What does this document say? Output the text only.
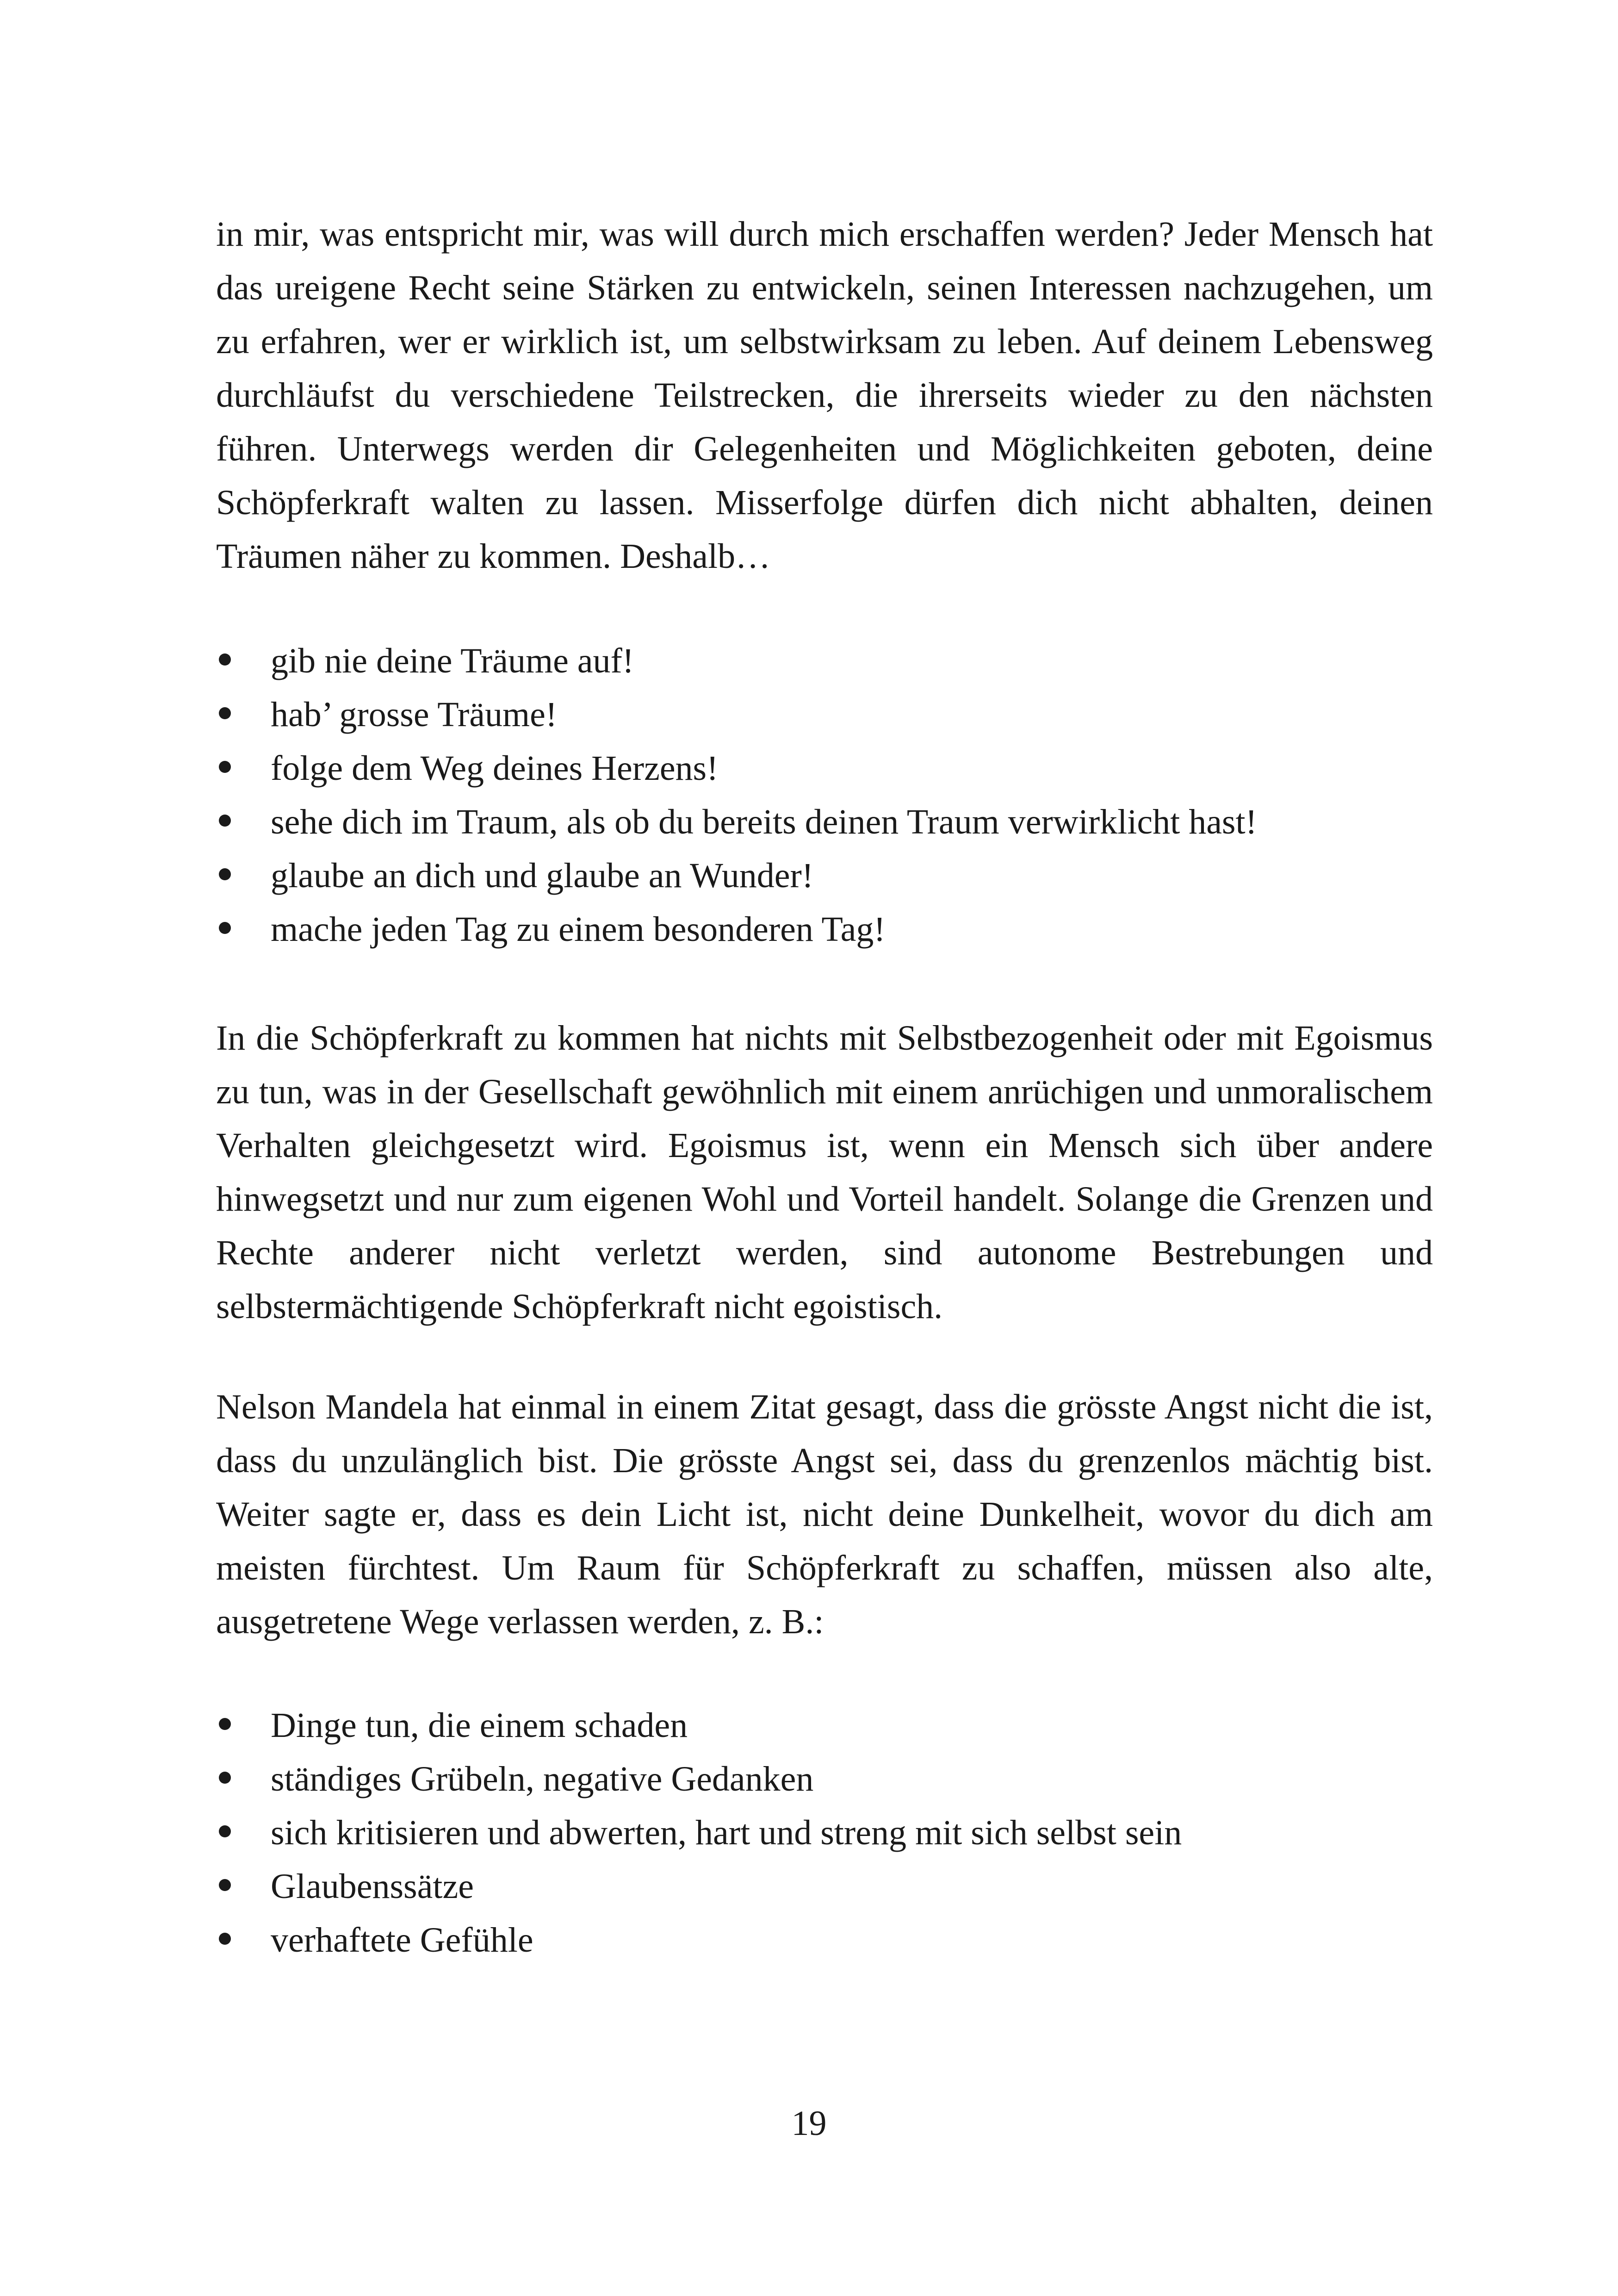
in mir, was entspricht mir, was will durch mich erschaffen werden? Jeder Mensch hat das ureigene Recht seine Stärken zu entwickeln, seinen Interessen nachzugehen, um zu erfahren, wer er wirklich ist, um selbstwirksam zu leben. Auf deinem Lebensweg durchläufst du verschiedene Teilstrecken, die ihrerseits wieder zu den nächsten führen. Unterwegs werden dir Gelegenheiten und Möglichkeiten geboten, deine Schöpferkraft walten zu lassen. Misserfolge dürfen dich nicht abhalten, deinen Träumen näher zu kommen. Deshalb…

gib nie deine Träume auf!
hab’ grosse Träume!
folge dem Weg deines Herzens!
sehe dich im Traum, als ob du bereits deinen Traum verwirklicht hast!
glaube an dich und glaube an Wunder!
mache jeden Tag zu einem besonderen Tag!

In die Schöpferkraft zu kommen hat nichts mit Selbstbezogenheit oder mit Egoismus zu tun, was in der Gesellschaft gewöhnlich mit einem anrüchigen und unmoralischem Verhalten gleichgesetzt wird. Egoismus ist, wenn ein Mensch sich über andere hinwegsetzt und nur zum eigenen Wohl und Vorteil handelt. Solange die Grenzen und Rechte anderer nicht verletzt werden, sind autonome Bestrebungen und selbstermächtigende Schöpferkraft nicht egoistisch.

Nelson Mandela hat einmal in einem Zitat gesagt, dass die grösste Angst nicht die ist, dass du unzulänglich bist. Die grösste Angst sei, dass du grenzenlos mächtig bist. Weiter sagte er, dass es dein Licht ist, nicht deine Dunkelheit, wovor du dich am meisten fürchtest. Um Raum für Schöpferkraft zu schaffen, müssen also alte, ausgetretene Wege verlassen werden, z. B.:

Dinge tun, die einem schaden
ständiges Grübeln, negative Gedanken
sich kritisieren und abwerten, hart und streng mit sich selbst sein
Glaubenssätze
verhaftete Gefühle
19
